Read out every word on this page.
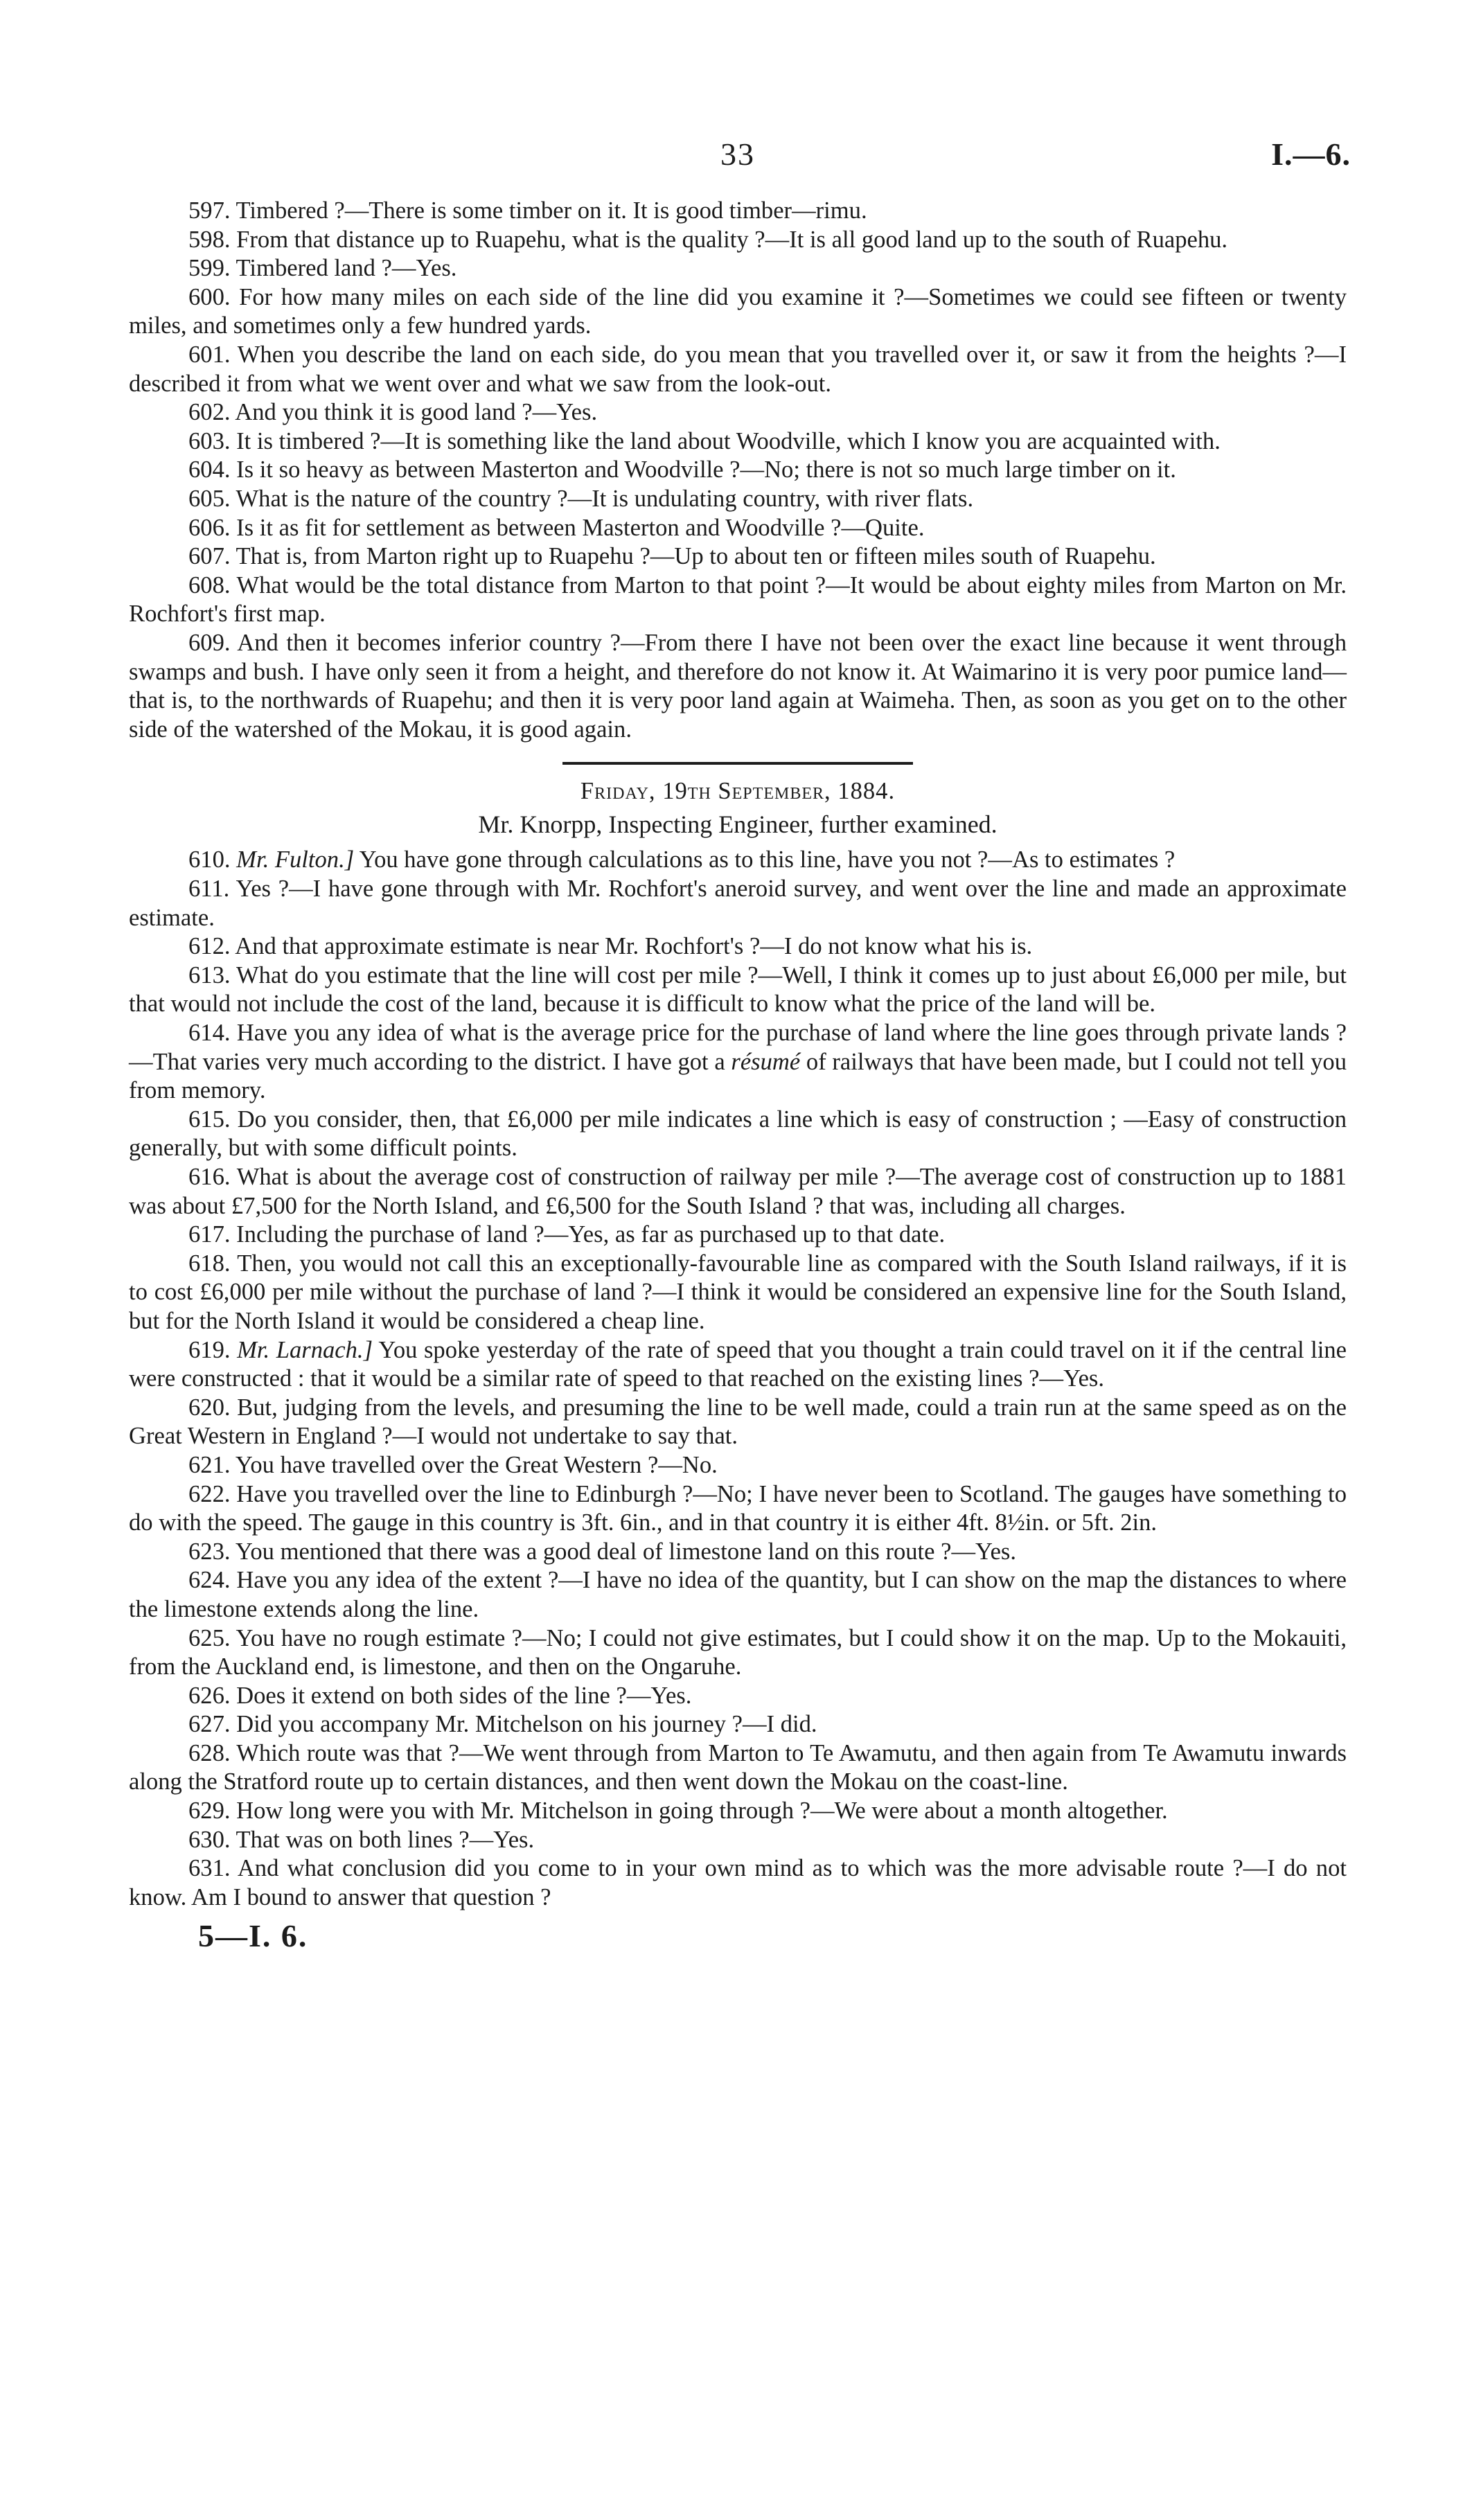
33	I.—6.

597. Timbered ?—There is some timber on it. It is good timber—rimu.

598. From that distance up to Ruapehu, what is the quality ?—It is all good land up to the south of Ruapehu.

599. Timbered land ?—Yes.

600. For how many miles on each side of the line did you examine it ?—Sometimes we could see fifteen or twenty miles, and sometimes only a few hundred yards.

601. When you describe the land on each side, do you mean that you travelled over it, or saw it from the heights ?—I described it from what we went over and what we saw from the look-out.

602. And you think it is good land ?—Yes.

603. It is timbered ?—It is something like the land about Woodville, which I know you are acquainted with.

604. Is it so heavy as between Masterton and Woodville ?—No; there is not so much large timber on it.

605. What is the nature of the country ?—It is undulating country, with river flats.

606. Is it as fit for settlement as between Masterton and Woodville ?—Quite.

607. That is, from Marton right up to Ruapehu ?—Up to about ten or fifteen miles south of Ruapehu.

608. What would be the total distance from Marton to that point ?—It would be about eighty miles from Marton on Mr. Rochfort's first map.

609. And then it becomes inferior country ?—From there I have not been over the exact line because it went through swamps and bush. I have only seen it from a height, and therefore do not know it. At Waimarino it is very poor pumice land—that is, to the northwards of Ruapehu; and then it is very poor land again at Waimeha. Then, as soon as you get on to the other side of the watershed of the Mokau, it is good again.

Friday, 19th September, 1884.

Mr. Knorpp, Inspecting Engineer, further examined.

610. Mr. Fulton.] You have gone through calculations as to this line, have you not ?—As to estimates ?

611. Yes ?—I have gone through with Mr. Rochfort's aneroid survey, and went over the line and made an approximate estimate.

612. And that approximate estimate is near Mr. Rochfort's ?—I do not know what his is.

613. What do you estimate that the line will cost per mile ?—Well, I think it comes up to just about £6,000 per mile, but that would not include the cost of the land, because it is difficult to know what the price of the land will be.

614. Have you any idea of what is the average price for the purchase of land where the line goes through private lands ?—That varies very much according to the district. I have got a résumé of railways that have been made, but I could not tell you from memory.

615. Do you consider, then, that £6,000 per mile indicates a line which is easy of construction ; —Easy of construction generally, but with some difficult points.

616. What is about the average cost of construction of railway per mile ?—The average cost of construction up to 1881 was about £7,500 for the North Island, and £6,500 for the South Island ? that was, including all charges.

617. Including the purchase of land ?—Yes, as far as purchased up to that date.

618. Then, you would not call this an exceptionally-favourable line as compared with the South Island railways, if it is to cost £6,000 per mile without the purchase of land ?—I think it would be considered an expensive line for the South Island, but for the North Island it would be considered a cheap line.

619. Mr. Larnach.] You spoke yesterday of the rate of speed that you thought a train could travel on it if the central line were constructed : that it would be a similar rate of speed to that reached on the existing lines ?—Yes.

620. But, judging from the levels, and presuming the line to be well made, could a train run at the same speed as on the Great Western in England ?—I would not undertake to say that.

621. You have travelled over the Great Western ?—No.

622. Have you travelled over the line to Edinburgh ?—No; I have never been to Scotland. The gauges have something to do with the speed. The gauge in this country is 3ft. 6in., and in that country it is either 4ft. 8½in. or 5ft. 2in.

623. You mentioned that there was a good deal of limestone land on this route ?—Yes.

624. Have you any idea of the extent ?—I have no idea of the quantity, but I can show on the map the distances to where the limestone extends along the line.

625. You have no rough estimate ?—No; I could not give estimates, but I could show it on the map. Up to the Mokauiti, from the Auckland end, is limestone, and then on the Ongaruhe.

626. Does it extend on both sides of the line ?—Yes.

627. Did you accompany Mr. Mitchelson on his journey ?—I did.

628. Which route was that ?—We went through from Marton to Te Awamutu, and then again from Te Awamutu inwards along the Stratford route up to certain distances, and then went down the Mokau on the coast-line.

629. How long were you with Mr. Mitchelson in going through ?—We were about a month altogether.

630. That was on both lines ?—Yes.

631. And what conclusion did you come to in your own mind as to which was the more advisable route ?—I do not know. Am I bound to answer that question ?

5—I. 6.
